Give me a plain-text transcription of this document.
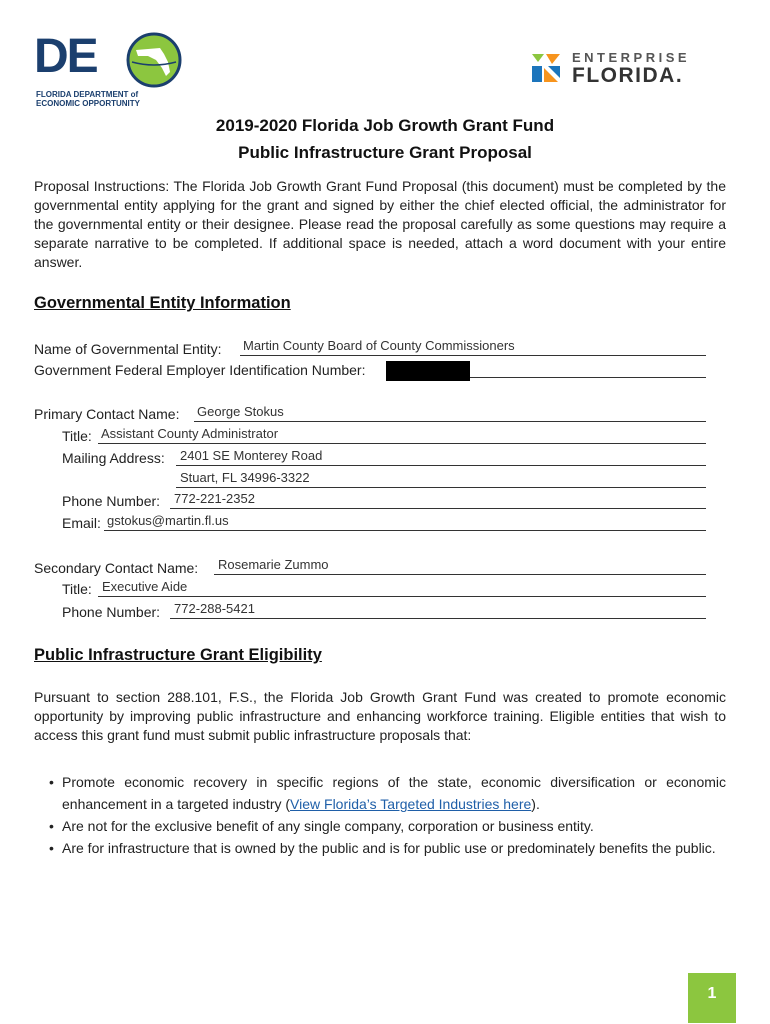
DE
FLORIDA DEPARTMENT of
ECONOMIC OPPORTUNITY
ENTERPRISE
FLORIDA.
2019-2020 Florida Job Growth Grant Fund
Public Infrastructure Grant Proposal
Proposal Instructions: The Florida Job Growth Grant Fund Proposal (this document) must be completed by the governmental entity applying for the grant and signed by either the chief elected official, the administrator for the governmental entity or their designee. Please read the proposal carefully as some questions may require a separate narrative to be completed. If additional space is needed, attach a word document with your entire answer.
Governmental Entity Information
Name of Governmental Entity: Martin County Board of County Commissioners
Government Federal Employer Identification Number:
Primary Contact Name: George Stokus
Title: Assistant County Administrator
Mailing Address: 2401 SE Monterey Road
Stuart, FL 34996-3322
Phone Number: 772-221-2352
Email: gstokus@martin.fl.us
Secondary Contact Name: Rosemarie Zummo
Title: Executive Aide
Phone Number: 772-288-5421
Public Infrastructure Grant Eligibility
Pursuant to section 288.101, F.S., the Florida Job Growth Grant Fund was created to promote economic opportunity by improving public infrastructure and enhancing workforce training. Eligible entities that wish to access this grant fund must submit public infrastructure proposals that:
• Promote economic recovery in specific regions of the state, economic diversification or economic enhancement in a targeted industry (View Florida’s Targeted Industries here).
• Are not for the exclusive benefit of any single company, corporation or business entity.
• Are for infrastructure that is owned by the public and is for public use or predominately benefits the public.
1
